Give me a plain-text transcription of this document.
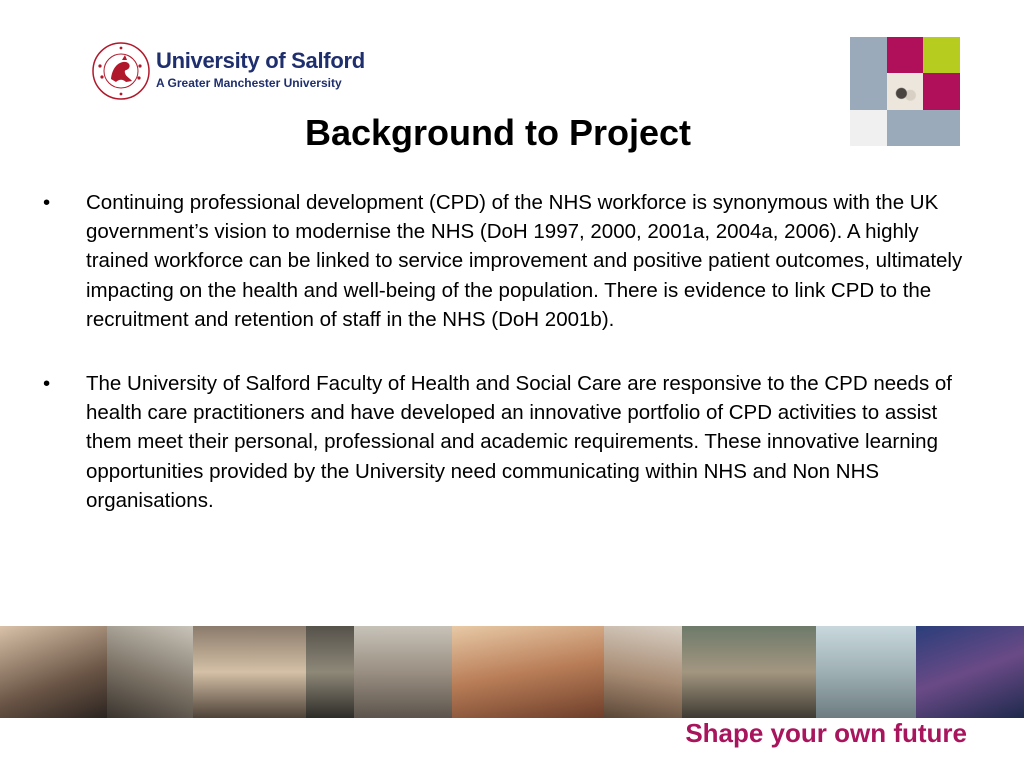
University of Salford
A Greater Manchester University
Background to Project
• Continuing professional development (CPD) of the NHS workforce is synonymous with the UK government’s vision to modernise the NHS (DoH 1997, 2000, 2001a, 2004a, 2006). A highly trained workforce can be linked to service improvement and positive patient outcomes, ultimately impacting on the health and well-being of the population. There is evidence to link CPD to the recruitment and retention of staff in the NHS (DoH 2001b).
• The University of Salford Faculty of Health and Social Care are responsive to the CPD needs of health care practitioners and have developed an innovative portfolio of CPD activities to assist them meet their personal, professional and academic requirements. These innovative learning opportunities provided by the University need communicating within NHS and Non NHS organisations.
Shape your own future
